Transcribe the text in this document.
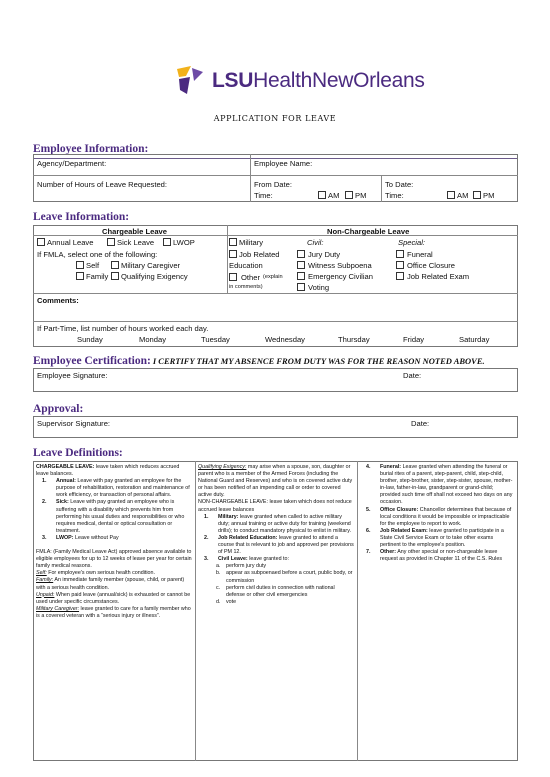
LSUHealthNewOrleans
APPLICATION FOR LEAVE
Employee Information:
Agency/Department:	Employee Name:
Number of Hours of Leave Requested:	From Date:
Time:	AM PM
To Date:
Time:	AM PM
Leave Information:
Chargeable Leave	Non-Chargeable Leave
Annual Leave	Sick Leave LWOP
If FMLA, select one of the following:
Self	Military Caregiver
Family Qualifying Exigency
Military
Job Related
Education
Other (explain
in comments)
Civil:
Jury Duty
Witness Subpoena
Emergency Civilian
Voting
Special:
Funeral
Office Closure
Job Related Exam
Comments:
If Part-Time, list number of hours worked each day.
Sunday	Monday	Tuesday	Wednesday	Thursday	Friday	Saturday
Employee Certification: I CERTIFY THAT MY ABSENCE FROM DUTY WAS FOR THE REASON NOTED ABOVE.
Employee Signature:	Date:
Approval:
Supervisor Signature:	Date:
Leave Definitions:

CHARGEABLE LEAVE: leave taken which reduces accrued leave balances.

1. Annual: Leave with pay granted an employee for the purpose of rehabilitation, restoration and maintenance of work efficiency, or transaction of personal affairs.

2. Sick: Leave with pay granted an employee who is suffering with a disability which prevents him from performing his usual duties and responsibilities or who requires medical, dental or optical consultation or treatment.

3. LWOP: Leave without Pay

FMLA: (Family Medical Leave Act) approved absence available to eligible employees for up to 12 weeks of leave per year for certain family medical reasons.

Self: For employee's own serious health condition.

Family: An immediate family member (spouse, child, or parent) with a serious health condition.

Unpaid: When paid leave (annual/sick) is exhausted or cannot be used under specific circumstances.

Military Caregiver: leave granted to care for a family member who is a covered veteran with a “serious injury or illness”.

Qualifying Exigency: may arise when a spouse, son, daughter or parent who is a member of the Armed Forces (including the National Guard and Reserves) and who is on covered active duty or has been notified of an impending call or order to covered active duty.

NON-CHARGEABLE LEAVE: leave taken which does not reduce accrued leave balances

1. Military: leave granted when called to active military duty; annual training or active duty for training (weekend drills); to conduct mandatory physical to enlist in military.

2. Job Related Education: leave granted to attend a course that is relevant to job and approved per provisions of PM 12.

3. Civil Leave: leave granted to:

a. perform jury duty

b. appear as subpoenaed before a court, public body, or commission

c. perform civil duties in connection with national defense or other civil emergencies

d. vote

4. Funeral: Leave granted when attending the funeral or burial rites of a parent, step-parent, child, step-child, brother, step-brother, sister, step-sister, spouse, mother-in-law, father-in-law, grandparent or grand-child; provided such time off shall not exceed two days on any occasion.

5. Office Closure: Chancellor determines that because of local conditions it would be impossible or impracticable for the employee to report to work.

6. Job Related Exam: leave granted to participate in a State Civil Service Exam or to take other exams pertinent to the employee's position.

7. Other: Any other special or non-chargeable leave request as provided in Chapter 11 of the C.S. Rules
